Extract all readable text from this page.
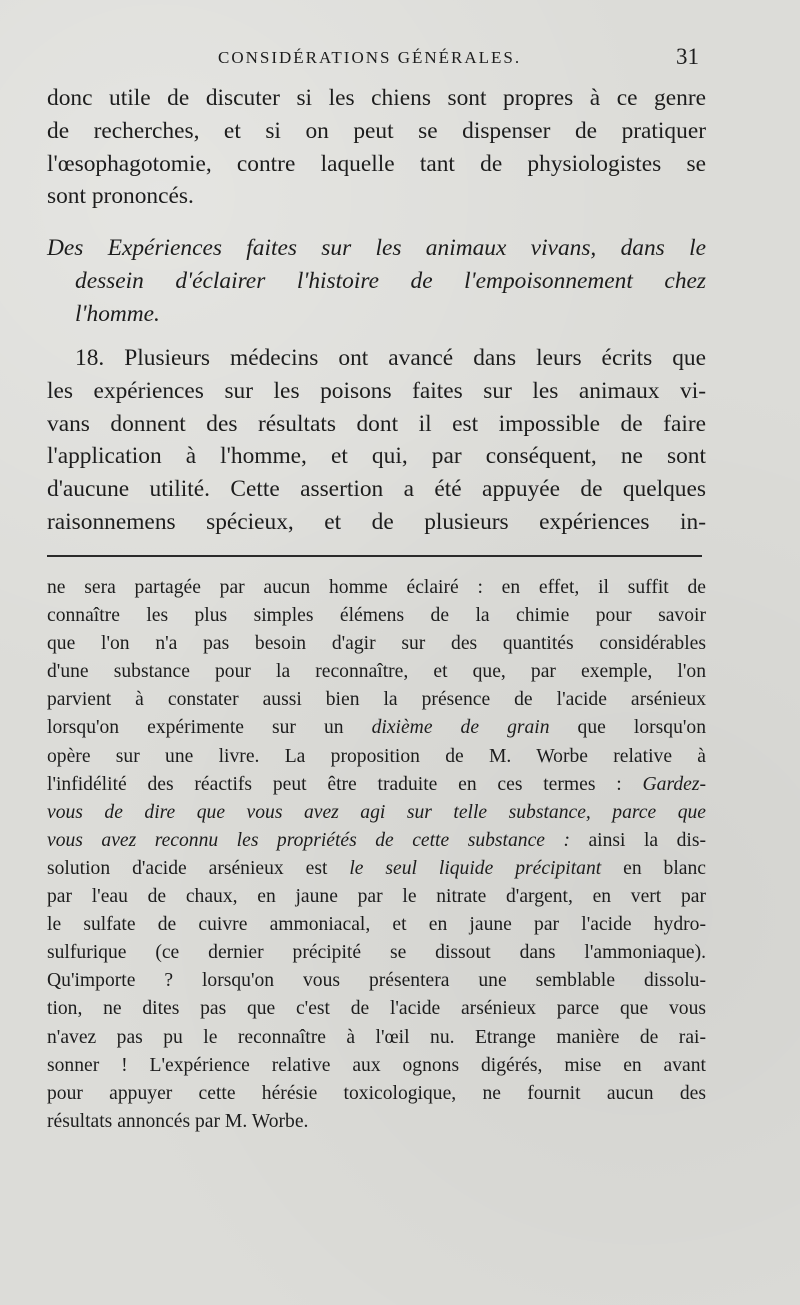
CONSIDÉRATIONS GÉNÉRALES.	31

donc utile de discuter si les chiens sont propres à ce genre
de recherches, et si on peut se dispenser de pratiquer
l'œsophagotomie, contre laquelle tant de physiologistes se
sont prononcés.

Des Expériences faites sur les animaux vivans, dans le
dessein d'éclairer l'histoire de l'empoisonnement chez
l'homme.

18. Plusieurs médecins ont avancé dans leurs écrits que
les expériences sur les poisons faites sur les animaux vi-
vans donnent des résultats dont il est impossible de faire
l'application à l'homme, et qui, par conséquent, ne sont
d'aucune utilité. Cette assertion a été appuyée de quelques
raisonnemens spécieux, et de plusieurs expériences in-

ne sera partagée par aucun homme éclairé : en effet, il suffit de
connaître les plus simples élémens de la chimie pour savoir
que l'on n'a pas besoin d'agir sur des quantités considérables
d'une substance pour la reconnaître, et que, par exemple, l'on
parvient à constater aussi bien la présence de l'acide arsénieux
lorsqu'on expérimente sur un dixième de grain que lorsqu'on
opère sur une livre. La proposition de M. Worbe relative à
l'infidélité des réactifs peut être traduite en ces termes : Gardez-
vous de dire que vous avez agi sur telle substance, parce que
vous avez reconnu les propriétés de cette substance : ainsi la dis-
solution d'acide arsénieux est le seul liquide précipitant en blanc
par l'eau de chaux, en jaune par le nitrate d'argent, en vert par
le sulfate de cuivre ammoniacal, et en jaune par l'acide hydro-
sulfurique (ce dernier précipité se dissout dans l'ammoniaque).
Qu'importe ? lorsqu'on vous présentera une semblable dissolu-
tion, ne dites pas que c'est de l'acide arsénieux parce que vous
n'avez pas pu le reconnaître à l'œil nu. Etrange manière de rai-
sonner ! L'expérience relative aux ognons digérés, mise en avant
pour appuyer cette hérésie toxicologique, ne fournit aucun des
résultats annoncés par M. Worbe.
